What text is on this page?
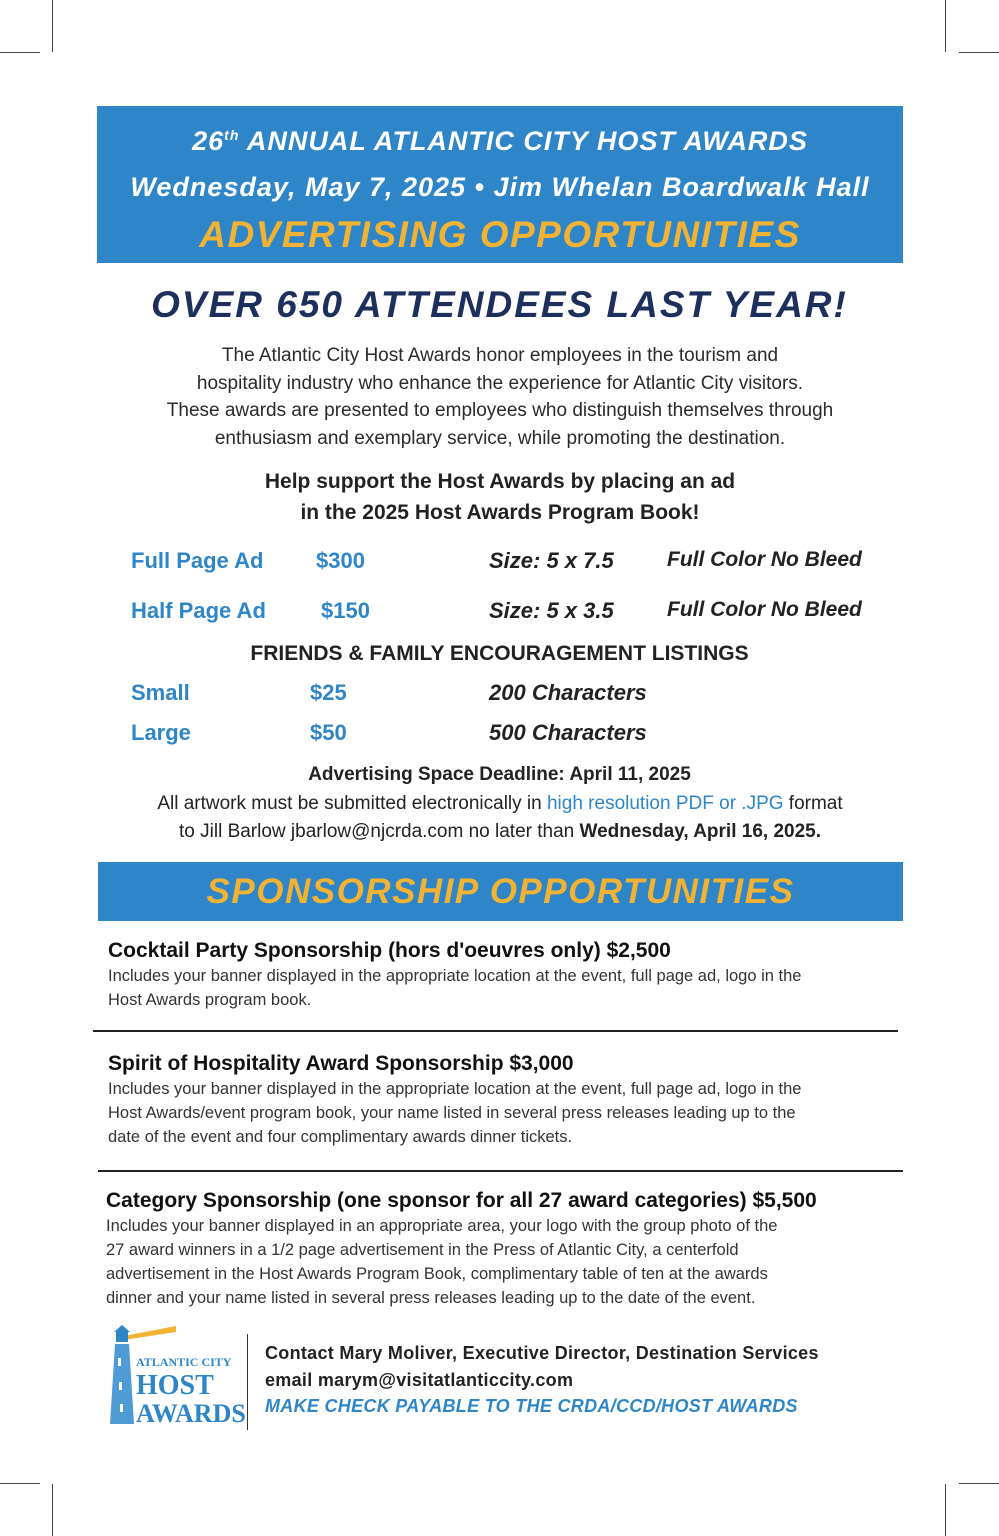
26th ANNUAL ATLANTIC CITY HOST AWARDS
Wednesday, May 7, 2025 • Jim Whelan Boardwalk Hall
ADVERTISING OPPORTUNITIES
OVER 650 ATTENDEES LAST YEAR!
The Atlantic City Host Awards honor employees in the tourism and
hospitality industry who enhance the experience for Atlantic City visitors.
These awards are presented to employees who distinguish themselves through
enthusiasm and exemplary service, while promoting the destination.
Help support the Host Awards by placing an ad
in the 2025 Host Awards Program Book!
Full Page Ad $300	Size: 5 x 7.5	Full Color No Bleed
Half Page Ad	$150	Size: 5 x 3.5	Full Color No Bleed
FRIENDS & FAMILY ENCOURAGEMENT LISTINGS
Small	$25	200 Characters
Large	$50	500 Characters
Advertising Space Deadline: April 11, 2025
All artwork must be submitted electronically in high resolution PDF or .JPG format
to Jill Barlow jbarlow@njcrda.com no later than Wednesday, April 16, 2025.
SPONSORSHIP OPPORTUNITIES
Cocktail Party Sponsorship (hors d'oeuvres only) $2,500

Includes your banner displayed in the appropriate location at the event, full page ad, logo in the

Host Awards program book.

Spirit of Hospitality Award Sponsorship $3,000

Includes your banner displayed in the appropriate location at the event, full page ad, logo in the

Host Awards/event program book, your name listed in several press releases leading up to the

date of the event and four complimentary awards dinner tickets.

Category Sponsorship (one sponsor for all 27 award categories) $5,500

Includes your banner displayed in an appropriate area, your logo with the group photo of the

27 award winners in a 1/2 page advertisement in the Press of Atlantic City, a centerfold

advertisement in the Host Awards Program Book, complimentary table of ten at the awards

dinner and your name listed in several press releases leading up to the date of the event.

ATLANTIC CITY
HOST
AWARDS
Contact Mary Moliver, Executive Director, Destination Services
email marym@visitatlanticcity.com
MAKE CHECK PAYABLE TO THE CRDA/CCD/HOST AWARDS
